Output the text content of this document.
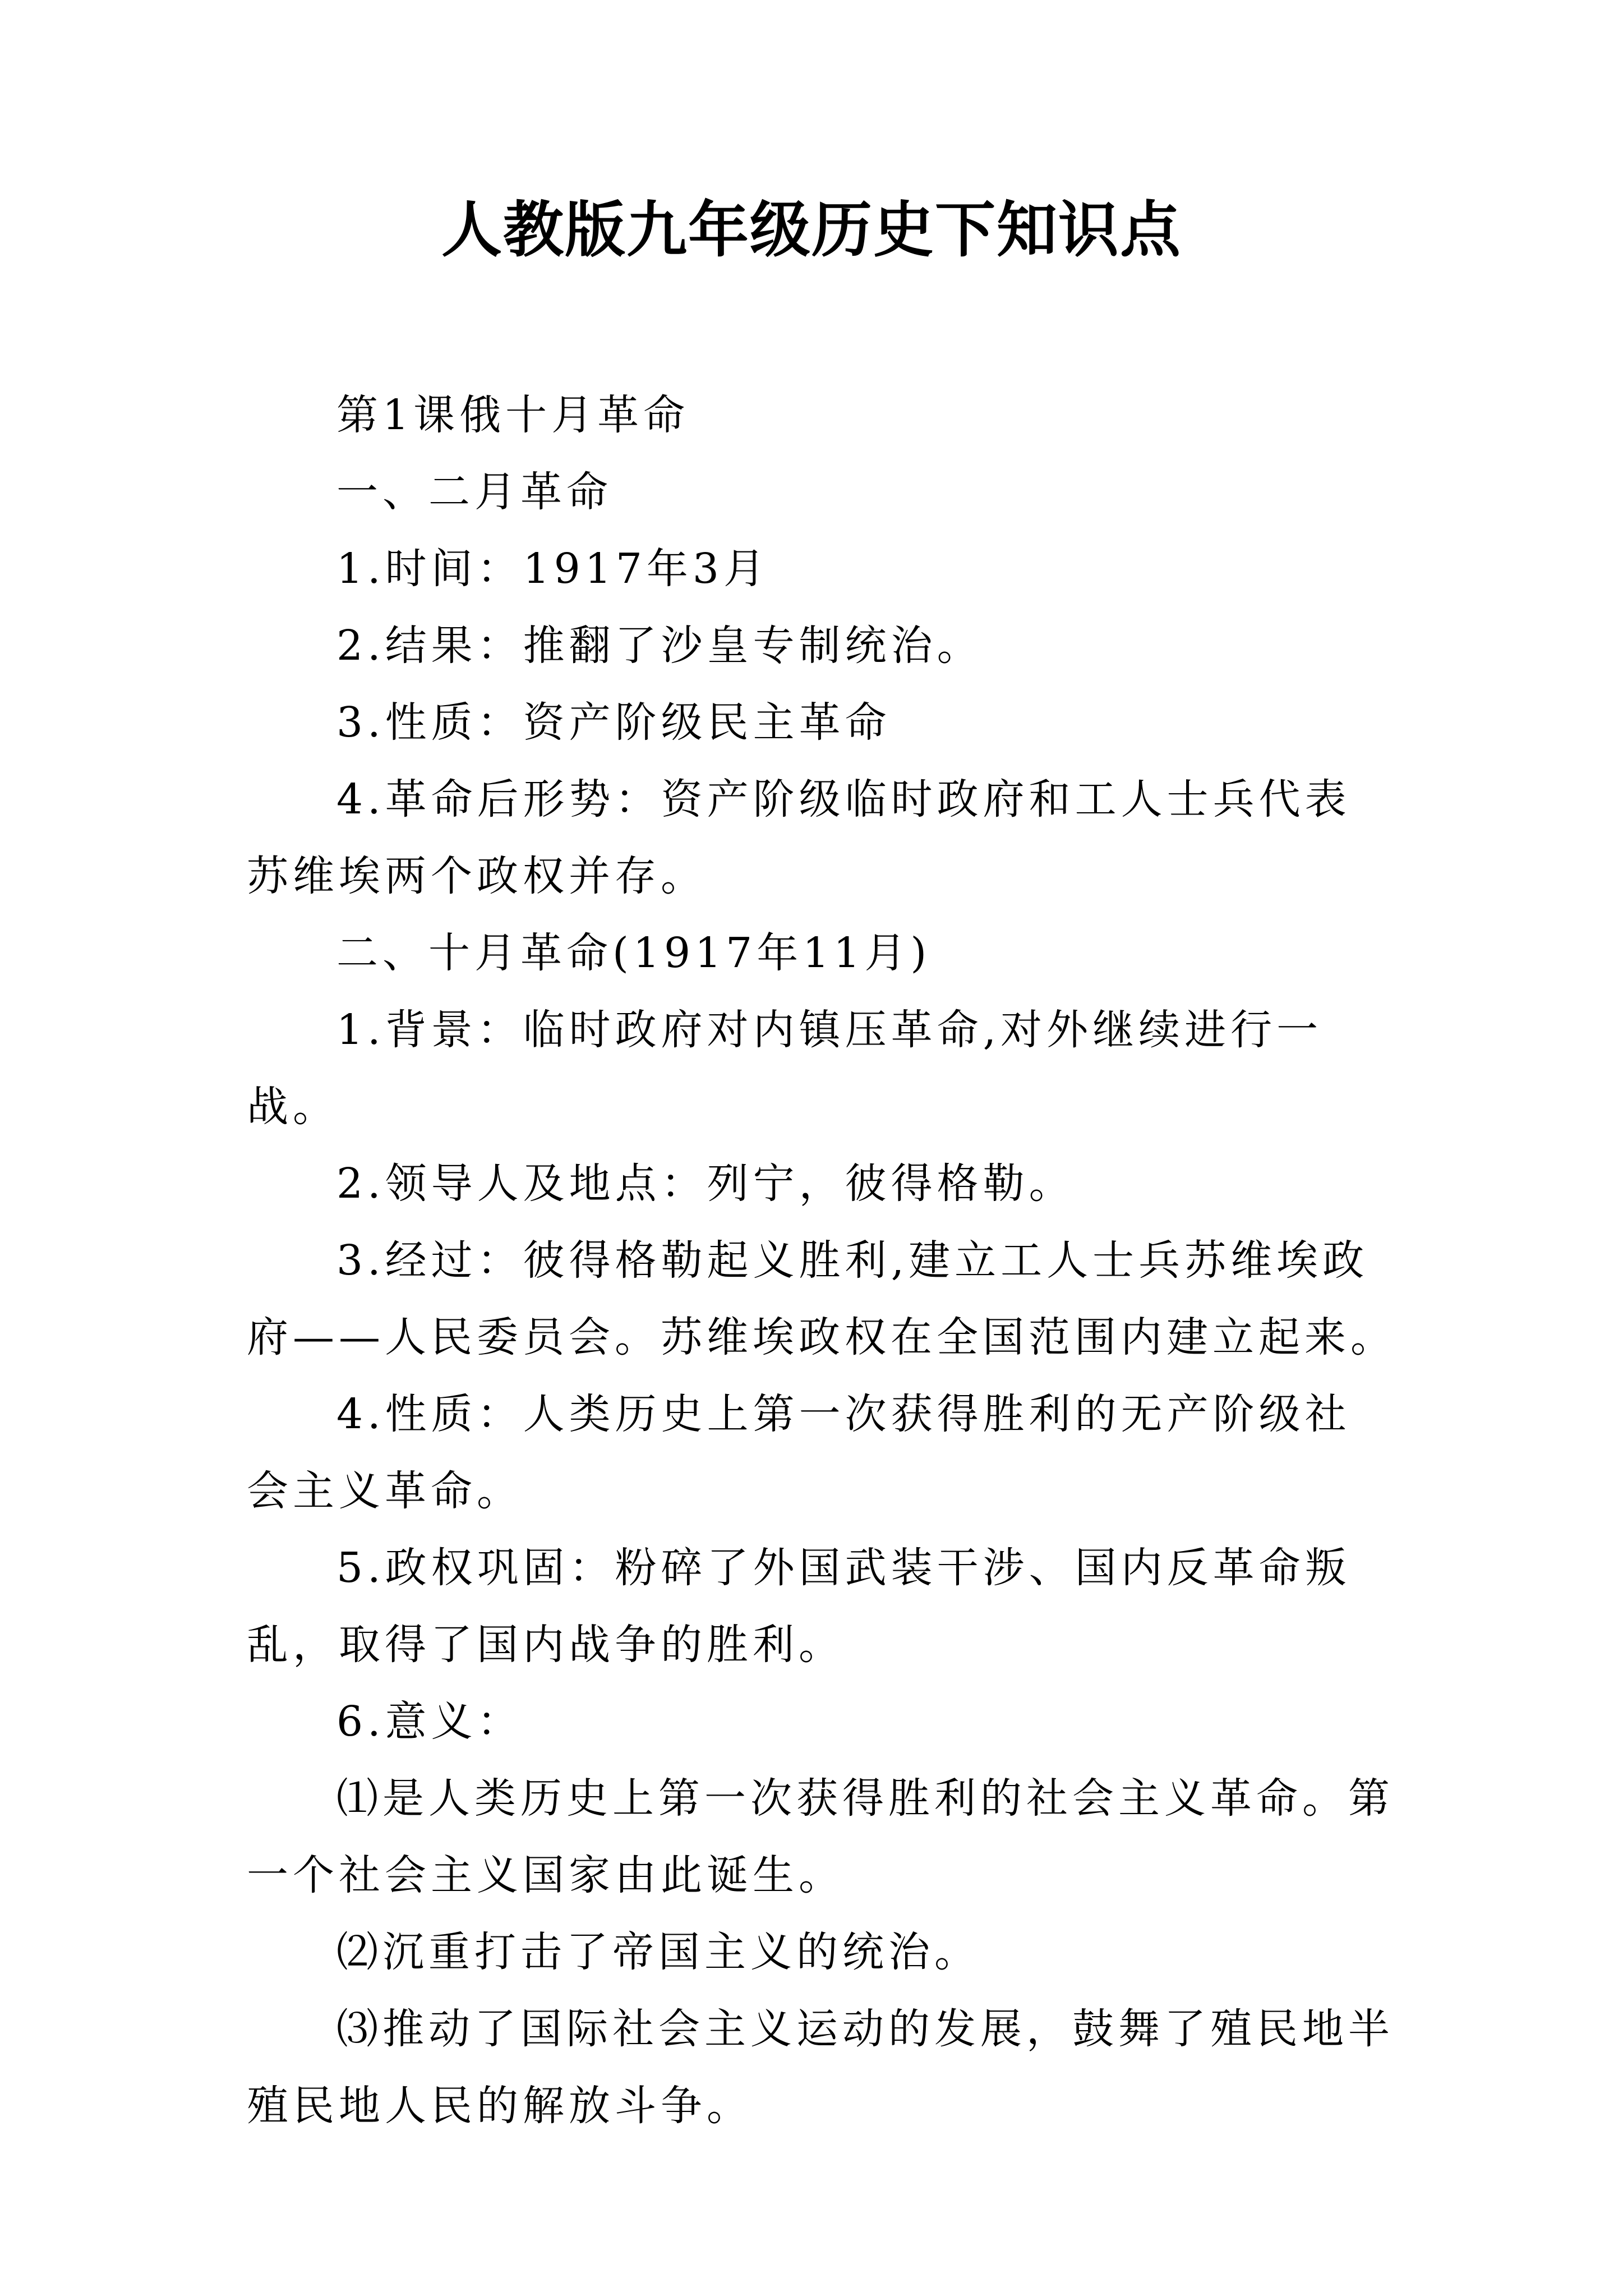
人教版九年级历史下知识点

第1课俄十月革命

一、二月革命

1.时间：1917年3月

2.结果：推翻了沙皇专制统治。

3.性质：资产阶级民主革命

4.革命后形势：资产阶级临时政府和工人士兵代表苏维埃两个政权并存。

二、十月革命(1917年11月)

1.背景：临时政府对内镇压革命,对外继续进行一战。

2.领导人及地点：列宁，彼得格勒。

3.经过：彼得格勒起义胜利,建立工人士兵苏维埃政府——人民委员会。苏维埃政权在全国范围内建立起来。

4.性质：人类历史上第一次获得胜利的无产阶级社会主义革命。

5.政权巩固：粉碎了外国武装干涉、国内反革命叛乱，取得了国内战争的胜利。

6.意义：

⑴是人类历史上第一次获得胜利的社会主义革命。第一个社会主义国家由此诞生。

⑵沉重打击了帝国主义的统治。

⑶推动了国际社会主义运动的发展，鼓舞了殖民地半殖民地人民的解放斗争。
